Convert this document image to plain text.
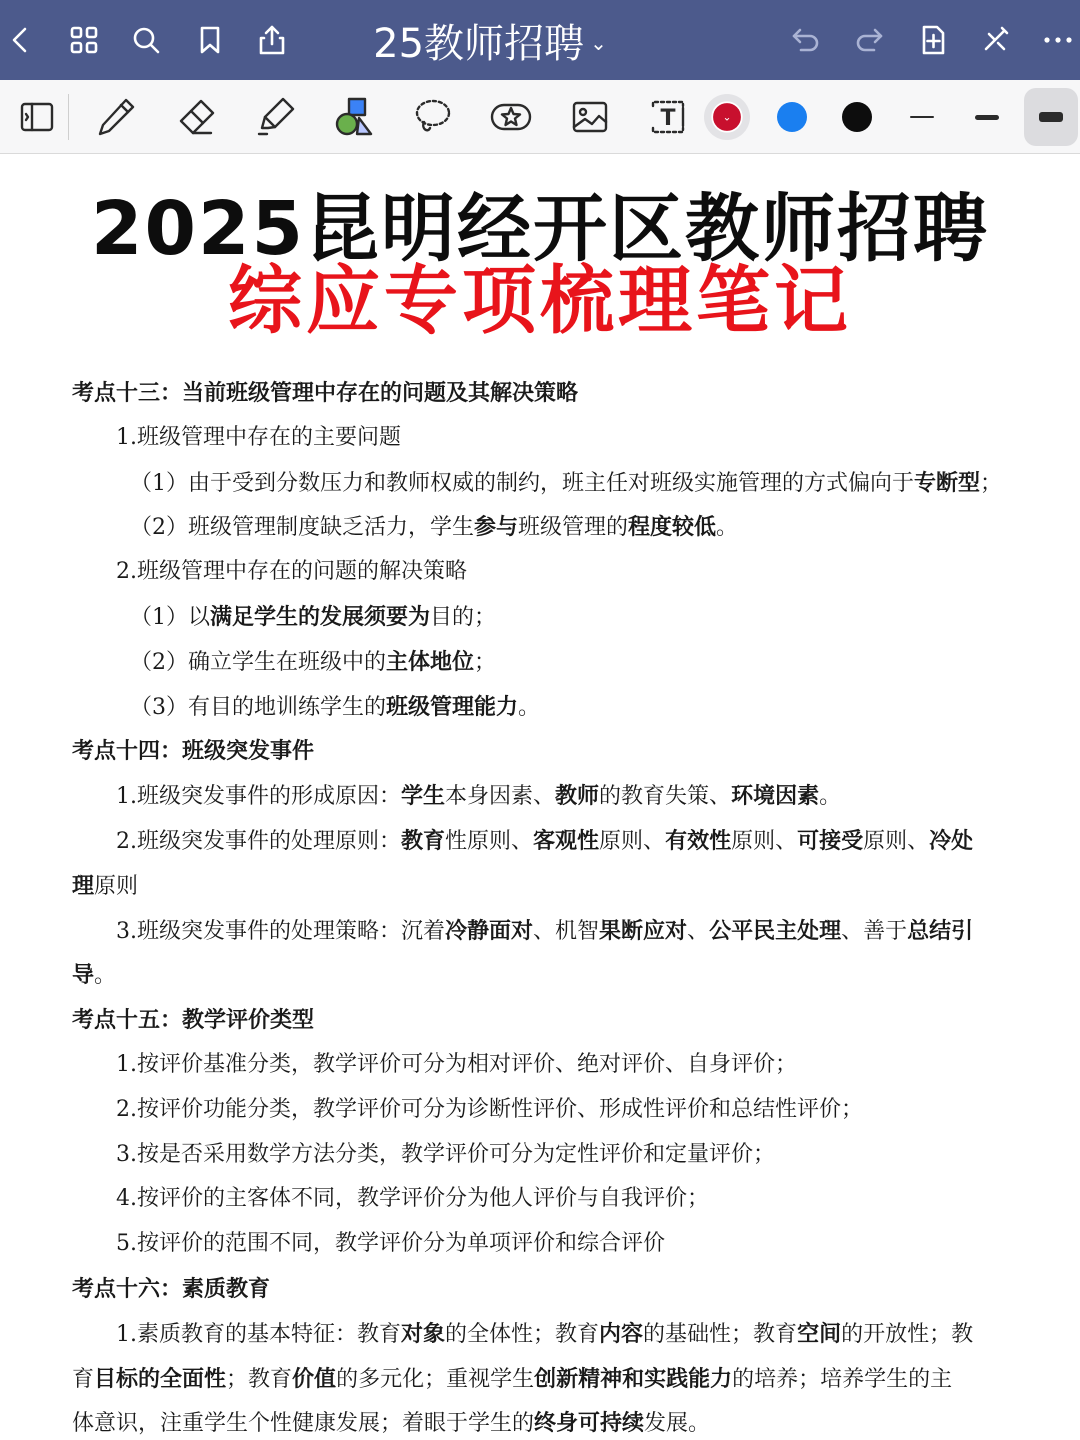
25教师招聘 ⌄
T	⌄
2025昆明经开区教师招聘
综应专项梳理笔记
考点十三：当前班级管理中存在的问题及其解决策略
1.班级管理中存在的主要问题
（1）由于受到分数压力和教师权威的制约，班主任对班级实施管理的方式偏向于专断型；
（2）班级管理制度缺乏活力，学生参与班级管理的程度较低。
2.班级管理中存在的问题的解决策略
（1）以满足学生的发展须要为目的；
（2）确立学生在班级中的主体地位；
（3）有目的地训练学生的班级管理能力。
考点十四：班级突发事件
1.班级突发事件的形成原因：学生本身因素、教师的教育失策、环境因素。
2.班级突发事件的处理原则：教育性原则、客观性原则、有效性原则、可接受原则、冷处
理原则
3.班级突发事件的处理策略：沉着冷静面对、机智果断应对、公平民主处理、善于总结引
导。
考点十五：教学评价类型
1.按评价基准分类，教学评价可分为相对评价、绝对评价、自身评价；
2.按评价功能分类，教学评价可分为诊断性评价、形成性评价和总结性评价；
3.按是否采用数学方法分类，教学评价可分为定性评价和定量评价；
4.按评价的主客体不同，教学评价分为他人评价与自我评价；
5.按评价的范围不同，教学评价分为单项评价和综合评价
考点十六：素质教育
1.素质教育的基本特征：教育对象的全体性；教育内容的基础性；教育空间的开放性；教
育目标的全面性；教育价值的多元化；重视学生创新精神和实践能力的培养；培养学生的主
体意识，注重学生个性健康发展；着眼于学生的终身可持续发展。
